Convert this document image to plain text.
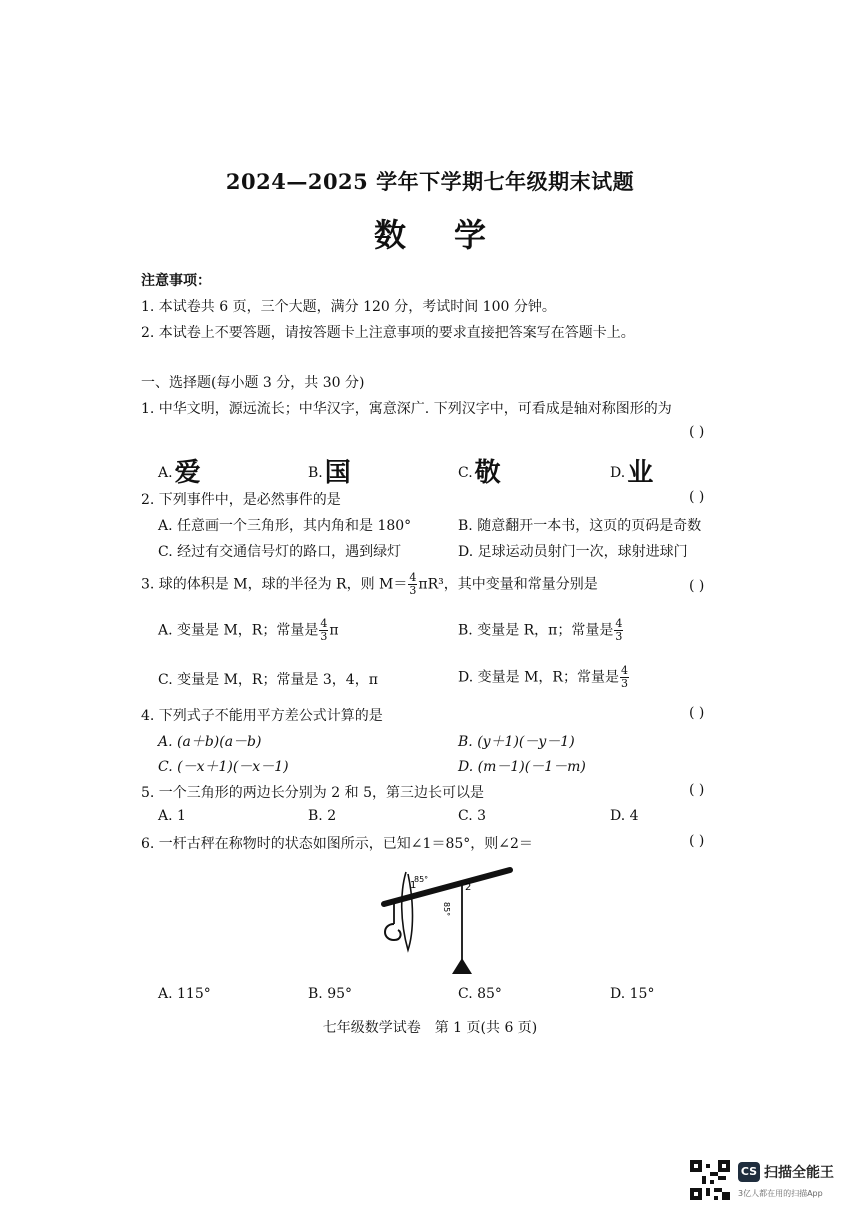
2024—2025 学年下学期七年级期末试题
数学
注意事项：
1. 本试卷共 6 页，三个大题，满分 120 分，考试时间 100 分钟。
2. 本试卷上不要答题，请按答题卡上注意事项的要求直接把答案写在答题卡上。
一、选择题(每小题 3 分，共 30 分)
1. 中华文明，源远流长；中华汉字，寓意深广. 下列汉字中，可看成是轴对称图形的为
( )
A.爱	B.国	C.敬	D.业
2. 下列事件中，是必然事件的是	( )
A. 任意画一个三角形，其内角和是 180°	B. 随意翻开一本书，这页的页码是奇数
C. 经过有交通信号灯的路口，遇到绿灯	D. 足球运动员射门一次，球射进球门
3. 球的体积是 M，球的半径为 R，则 $M= \frac{4}{3} \pi R^3$，其中变量和常量分别是	( )
A. 变量是 M，R；常量是 $\frac{4}{3}$ π	B. 变量是 R，π；常量是 $\frac{4}{3}$
C. 变量是 M，R；常量是 3，4，π	D. 变量是 M，R；常量是 $\frac{4}{3}$
4. 下列式子不能用平方差公式计算的是	( )
A. (a＋b)(a－b)	B. (y＋1)(－y－1)
C. (－x＋1)(－x－1)	D. (m－1)(－1－m)
5. 一个三角形的两边长分别为 2 和 5，第三边长可以是	( )
A. 1	B. 2	C. 3	D. 4
6. 一杆古秤在称物时的状态如图所示，已知∠1＝85°，则∠2＝	( )
1
85°
2
85°
A. 115°	B. 95°	C. 85°	D. 15°
七年级数学试卷　第 1 页(共 6 页)
CS 扫描全能王
3亿人都在用的扫描App
